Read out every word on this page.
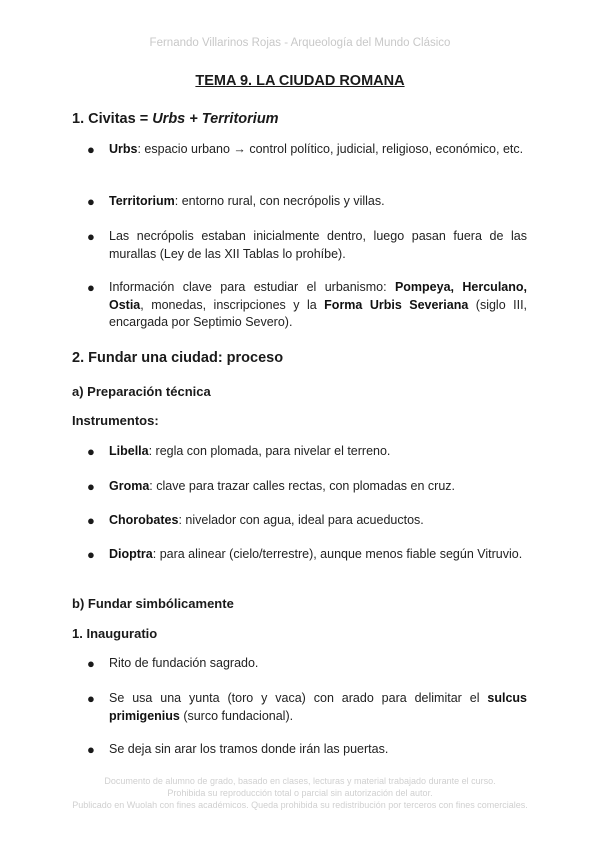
Fernando Villarinos Rojas - Arqueología del Mundo Clásico
TEMA 9. LA CIUDAD ROMANA
1. Civitas = Urbs + Territorium
● Urbs: espacio urbano → control político, judicial, religioso, económico, etc.
● Territorium: entorno rural, con necrópolis y villas.
● Las necrópolis estaban inicialmente dentro, luego pasan fuera de las murallas (Ley de las XII Tablas lo prohíbe).
● Información clave para estudiar el urbanismo: Pompeya, Herculano, Ostia, monedas, inscripciones y la Forma Urbis Severiana (siglo III, encargada por Septimio Severo).
2. Fundar una ciudad: proceso
a) Preparación técnica
Instrumentos:
● Libella: regla con plomada, para nivelar el terreno.
● Groma: clave para trazar calles rectas, con plomadas en cruz.
● Chorobates: nivelador con agua, ideal para acueductos.
● Dioptra: para alinear (cielo/terrestre), aunque menos fiable según Vitruvio.
b) Fundar simbólicamente
1. Inauguratio
● Rito de fundación sagrado.
● Se usa una yunta (toro y vaca) con arado para delimitar el sulcus primigenius (surco fundacional).
● Se deja sin arar los tramos donde irán las puertas.
Documento de alumno de grado, basado en clases, lecturas y material trabajado durante el curso.
Prohibida su reproducción total o parcial sin autorización del autor.
Publicado en Wuolah con fines académicos. Queda prohibida su redistribución por terceros con fines comerciales.
